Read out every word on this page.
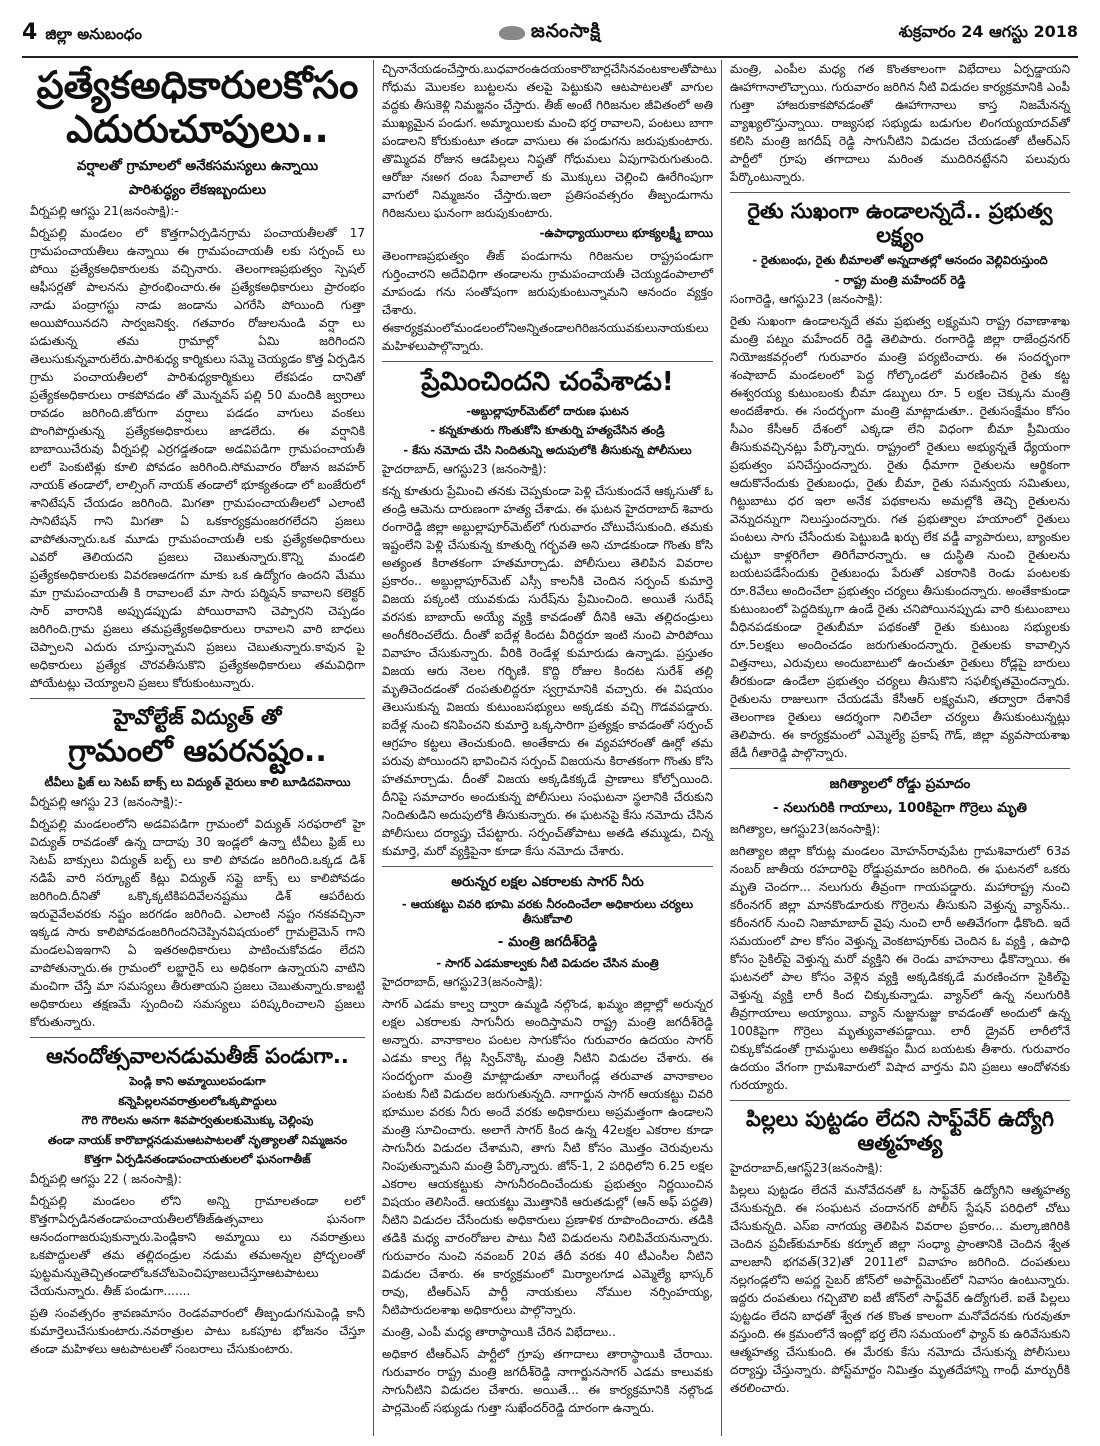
4 జిల్లా అనుబంధం	జనంసాక్షి	శుక్రవారం 24 ఆగస్టు 2018
ప్రత్యేకఅధికారులకోసం ఎదురుచూపులు..
వర్షాలతో గ్రామాలలో అనేకసమస్యలు ఉన్నాయి
పారిశుద్ధ్యం లేకఇబ్బందులు
వీర్నపల్లి ఆగస్టు 21(జనంసాక్షి):-

వీర్నపల్లి మండలం లో కొత్తగాఏర్పడినగ్రామ పంచాయతీలతో 17 గ్రామపంచాయతీలు ఉన్నాయి ఈ గ్రామపంచాయతీ లకు సర్పంచ్ లు పోయి ప్రత్యేకఅధికారులకు వచ్చినారు. తెలంగాణప్రభుత్వం స్పెషల్ ఆఫీసర్లతో పాలనను ప్రారంభించారు.ఈ ప్రత్యేకఅధికారులు ప్రారంభం నాడు పంద్రాగస్టు నాడు జండాను ఎగరేసి పోయింది గుత్తా అయిపోయినదని సార్వజనిక్వ. గతవారం రోజులనుండి వర్షా లు పడుతున్న తమ గ్రామాల్లో ఏమి జరిగిందని తెలుసుకున్నవారులేరు.పారిశుధ్య కార్మికులు సమ్మె చెయ్యడం కొత్త ఏర్పడిన గ్రామ పంచాయతీలలో పారిశుధ్యకార్మికులు లేకపడం దానితో ప్రత్యేకఅధికారులు రాకపోవడం తో మొన్నవస్ పల్లి 50 మందికి జ్వరాలు రావడం జరిగింది.జోరుగా వర్షాలు పడడం వాగులు వంకలు పొంగిపొర్లుతున్న ప్రత్యేకఅధికారులు జాడలేదు. ఈ వర్షానికి బాబాయిచేరువు వీర్నపల్లి ఎర్రగడ్డతండా అడవిపడిగా గ్రామపంచాయతీ లలో పెంకుటిళ్లు కూలి పోవడం జరిగింది.సోమవారం రోజున జవహర్ నాయక్ తండాలో, లాల్సింగ్ నాయక్ తండాలో భూక్యతండా లో బంజేరులో శానిటేషన్ చేయడం జరిగింది. మిగతా గ్రామపంచాయతీలలో ఎలాంటి సానిటేషన్ గాని మిగతా ఏ ఒకకార్యక్రమంజరగలేదని ప్రజలు వాపోతున్నారు.ఒక మూడు గ్రామపంచాయతీ లకు ప్రత్యేకఅధికారులు ఎవరో తెలియదని ప్రజలు చెబుతున్నారు.కొన్ని మండలి ప్రత్యేకఅధికారులకు వివరణఅడగగా మాకు ఒక ఉద్యోగం ఉందని మేము మా గ్రామపంచాయతీ కి రావాలంటే మా సారు పర్మిషన్ కావాలని కలెక్టర్ సార్ వారానికి అప్పుడప్పుడు పోయిరావాని చెప్పారని చెప్పడం జరిగింది.గ్రామ ప్రజలు తమప్రత్యేకఅధికారులు రావాలని వారి బాధలు చెప్పాలని ఎదురు చూస్తున్నామని ప్రజలు చెబుతున్నారు.కావున పై అధికారులు ప్రత్యేక చొరవతీసుకొని ప్రత్యేకఅధికారులు తమవిధిగా పోయేటట్లు చెయ్యాలని ప్రజలు కోరుకుంటున్నారు.

హైవోల్టేజ్ విద్యుత్ తో
గ్రామంలో ఆపరనష్టం..
టీవీలు ఫ్రిజ్ లు సెటప్ బాక్స్ లు విద్యుత్ వైరులు కాలి బూడిదవినాయి
వీర్నపల్లి ఆగస్టు 23 (జనంసాక్షి):-

వీర్నపల్లి మండలంలోని అడవిపడిగా గ్రామంలో విద్యుత్ సరఫరాలో హై విద్యుత్ రావడంతో ఉన్న దాదాపు 30 ఇండ్లలో ఉన్నా టీవీలు ఫ్రిజ్ లు సెటప్ బాక్సులు విద్యుత్ బల్బ్ లు కాలి పోవడం జరిగింది.ఒక్కడ డిశ్ నడిపే వారి సర్క్యూట్ కిట్లు విద్యుత్ సప్లై బాక్స్ లు కాలిపోవడం జరిగింది.దీనితో ఒక్కొక్కటికిపదివేలనష్టము డిశ్ ఆపరేటరు ఇరువైవేలవరకు నష్టం జరగడం జరిగింది. ఎలాంటి నష్టం గనకవచ్చినా ఇక్కడ సారు కాలిపోవడంజరిగిందనిచెప్పినవిషయంలో గ్రామలైమెన్ గాని మండలఏఇఇగాని ఏ ఇతరఅధికారులు పాటించుకోవడం లేదని వాపోతున్నారు.ఈ గ్రామంలో లబ్జారైన్ లు అధికంగా ఉన్నాయని వాటిని మంచిగా చేస్తే మా సమస్యలు తీరుతాయని ప్రజలు చెబుతున్నారు.కాబట్టి అధికారులు తక్షణమే స్పందించి సమస్యలు పరిష్కరించాలని ప్రజలు కోరుతున్నారు.

ఆనందోత్సవాలనడుమతీజ్ పండుగా..
పెండ్లి కాని అమ్మాయిలపండుగా
కన్నెపిల్లలనవరాత్రులలోఒక్కపొద్దులు
గౌరి గౌరిలను అనగా శివపార్వతులకుమొక్కు చెల్లింపు
తండా నాయక్ కారొబార్లనడుమఆటపాటలతో నృత్యాలతో నిమ్మజనం
కొత్తగా ఏర్పడినతండాపంచాయతులలో ఘనంగాతీజ్
వీర్నపల్లి ఆగస్టు 22 ( జనంసాక్షి):

వీర్నపల్లి మండలం లోని అన్ని గ్రామాలతండా లలో కొత్తగాఏర్పడినతండాపంచాయతీలలోతీజ్ఉత్సవాలు ఘనంగా ఆనందంగాజరుపుకున్నారు.పెండ్లికాని అమ్మాయి లు నవరాత్రులు ఒకపొద్దులతో తమ తల్లిదండ్రుల నడుమ తమఅన్నల ప్రోద్బలంతో పుట్టమన్నుతెచ్చితండాలోఒకచోటపెంచిపూజలుచేస్తూఆటపాటలు చేయనున్నారు. తీజ్ పండుగా.......

ప్రతి సంవత్సరం శ్రావణమాసం రెండవవారంలో తీజ్పండుగనుపెండ్లి కానీ కుమార్తెలుచేసుకుంటారు.నవరాత్రుల పాటు ఒకపూట భోజనం చేస్తూ తండా మహిళలు ఆటపాటలతో సంబరాలు చేసుకుంటారు.

చ్చినానేయడంచేస్తారు.బుధవారంఉదయంకారొబార్లచేసినవంటకాలతోపాటు గోధుమ మొలకల బుట్టలను తలపై పెట్టుకుని ఆటపాటలతో వాగుల వద్దకు తీసుకెళ్లి నిమజ్జనం చేస్తారు. తీజ్ అంటే గిరిజనుల జీవితంలో అతి ముఖ్యమైన పండుగ. అమ్మాయిలకు మంచి భర్త రావాలని, పంటలు బాగా పండాలని కోరుకుంటూ తండా వాసులు ఈ పండుగను జరుపుకుంటారు. తొమ్మిదవ రోజున ఆడపిల్లలు నిష్ఠతో గోధుమలు ఏపుగాపెరుగుతుంది. ఆరోజు నఃఅగ దంబ సేవాలాల్ కు మొక్కులు చెల్లించి ఊరేగింపుగా వాగులో నిమ్మజనం చేస్తారు.ఇలా ప్రతిసంవత్సరం తీజ్పండుగాను గిరిజనులు ఘనంగా జరుపుకుంటారు.

-ఉపాధ్యాయురాలు భూక్యలక్ష్మీ బాయి

తెలంగాణప్రభుత్వం తీజ్ పండుగాను గిరిజనుల రాష్ట్రపండుగా గుర్తించారని అదేవిధిగా తండాలను గ్రామపంచాయతీ చెయ్యడంపాలాలో మాపండు గను సంతోషంగా జరుపుకుంటున్నామని ఆనందం వ్యక్తం చేశారు. ఈకార్యక్రమంలోమండలంలోనిఅన్నితండాలగిరిజనయువకులునాయకులు మహిళలుపాల్గొన్నారు.

ప్రేమించిందని చంపేశాడు!
-అబ్దుల్లాపూర్‌మెట్‌లో దారుణ ఘటన
- కన్నకూతురు గొంతుకోసి కూతుర్ని హత్యచేసిన తండ్రి
- కేసు నమోదు చేసి నిందితున్ని అదుపులోకి తీసుకున్న పోలీసులు
హైదరాబాద్, ఆగస్టు23 (జనంసాక్షి):

కన్న కూతురు ప్రేమించి తనకు చెప్పకుండా పెళ్లి చేసుకుందనే ఆక్కసుతో ఓ తండ్రి ఆమెను దారుణంగా హత్య చేశాడు. ఈ ఘటన హైదరాబాద్ శివారు రంగారెడ్డి జిల్లా అబ్దుల్లాపూర్‌మెట్‌లో గురువారం చోటుచేసుకుంది. తమకు ఇష్టంలేని పెళ్లి చేసుకున్న కూతుర్ని గర్భవతి అని చూడకుండా గొంతు కోసి అత్యంత కిరాతకంగా హతమార్చాడు. పోలీసులు తెలిపిన వివరాల ప్రకారం.. అబ్దుల్లాపూర్‌మెట్ ఎస్సీ కాలనీకి చెందిన సర్పంచ్ కుమార్తె విజయ పక్కంటి యువకుడు సురేష్‌ను ప్రేమించింది. అయితే సురేష్ వరసకు బాబాయ్ అయ్యే వ్యక్తి కావడంతో దీనికి ఆమె తల్లిదండ్రులు అంగీకరించలేదు. దీంతో ఐదేళ్ల కిందట వీరిద్దరూ ఇంటి నుంచి పారిపోయి వివాహం చేసుకున్నారు. వీరికి రెండేళ్ల కుమారుడు ఉన్నాడు. ప్రస్తుతం విజయ ఆరు నెలల గర్భిణి. కొద్ది రోజుల కిందట సురేశ్ తల్లి మృతిచెందడంతో దంపతులిద్దరూ స్వగ్రామానికి వచ్చారు. ఈ విషయం తెలుసుకున్న విజయ కుటుంబసభ్యులు అక్కడకు వచ్చి గొడవపడ్డారు. ఐదేళ్ల నుంచి కనిపించని కుమార్తె ఒక్కసారిగా ప్రత్యక్షం కావడంతో సర్పంచ్ ఆగ్రహం కట్టలు తెంచుకుంది. అంతేకాదు ఈ వ్యవహారంతో ఊర్లో తమ పరువు పోయిందని భావించిన సర్పంచ్ విజయను కిరాతకంగా గొంతు కోసి హతమార్చాడు. దీంతో విజయ అక్కడికక్కడే ప్రాణాలు కోల్పోయింది. దీనిపై సమాచారం అందుకున్న పోలీసులు సంఘటనా స్థలానికి చేరుకుని నిందితుడిని అదుపులోకి తీసుకున్నారు. ఈ ఘటనపై కేసు నమోదు చేసిన పోలీసులు దర్యాప్తు చేపట్టారు. సర్పంచ్‌తోపాటు అతడి తమ్ముడు, చిన్న కుమార్తె, మరో వ్యక్తిపైనా కూడా కేసు నమోదు చేశారు.

అరున్నర లక్షల ఎకరాలకు సాగర్ నీరు
- ఆయకట్టు చివరి భూమి వరకు నీరందించేలా అధికారులు చర్యలు తీసుకోవాలి
- మంత్రి జగదీశ్‌రెడ్డి
- సాగర్ ఎడమకాల్వకు నీటి విడుదల చేసిన మంత్రి
హైదరాబాద్, ఆగస్టు23(జనంసాక్షి):

సాగర్ ఎడమ కాల్వ ద్వారా ఉమ్మడి నల్గొండ, ఖమ్మం జిల్లాల్లో అరున్నర లక్షల ఎకరాలకు సాగునీరు అందిస్తామని రాష్ట్ర మంత్రి జగదీశ్‌రెడ్డి అన్నారు. వానాకాలం పంటల సాగుకోసం గురువారం ఉదయం సాగర్ ఎడమ కాల్వ గేట్ల స్విచ్‌నొక్కి మంత్రి నీటిని విడుదల చేశారు. ఈ సందర్భంగా మంత్రి మాట్లాడుతూ నాలుగేండ్ల తరువాత వానాకాలం పంటకు నీటి విడుదల జరుగుతున్నది. నాగార్జున సాగర్ ఆయకట్టు చివరి భూముల వరకు నీరు అందే వరకు అధికారులు అప్రమత్తంగా ఉండాలని మంత్రి సూచించారు. అలాగే సాగర్ కింద ఉన్న 42లక్షల ఎకరాల కూడా సాగునీరు విడుదల చేశామని, తాగు నీటి కోసం మొత్తం చెరువులను నింపుతున్నామని మంత్రి పేర్కొన్నారు. జోన్-1, 2 పరిధిలోని 6.25 లక్షల ఎకరాల ఆయకట్టుకు సాగునీరందించేందుకు ప్రభుత్వం నిర్ణయించిన విషయం తెలిసిందే. ఆయకట్టు మొత్తానికి ఆరుతడుల్లో (ఆన్ అఫ్ పద్ధతి) నీటిని విడుదల చేసేందుకు అధికారులు ప్రణాళిక రూపొందించారు. తడికి తడికి మధ్య వారంరోజుల పాటు నీటి విడుదలను నిలిపివేయనున్నారు. గురువారం నుంచి నవంబర్ 20వ తేదీ వరకు 40 టీఎంసీల నీటిని విడుదల చేశారు. ఈ కార్యక్రమంలో మిర్యాలగూడ ఎమ్మెల్యే భాస్కర్ రావు, టీఆర్ఎస్ పార్టీ నాయకులు నోముల నర్సింహయ్య, నీటిపారుదలశాఖ అధికారులు పాల్గొన్నారు.

మంత్రి, ఎంపీ మధ్య తారాస్థాయికి చేరిన విభేదాలు..

అధికార టీఆర్ఎస్ పార్టీలో గ్రూపు తగాదాలు తారాస్థాయికి చేరాయి. గురువారం రాష్ట్ర మంత్రి జగదీశ్‌రెడ్డి నాగార్జునసాగర్ ఎడమ కాలువకు సాగునీటిని విడుదల చేశారు. అయితే... ఈ కార్యక్రమానికి నల్గొండ పార్లమెంట్ సభ్యుడు గుత్తా సుఖేందర్‌రెడ్డి దూరంగా ఉన్నారు.

మంత్రి, ఎంపీల మధ్య గత కొంతకాలంగా విభేదాలు ఏర్పడ్డాయని ఊహాగానాలొచ్చాయి. గురువారం జరిగిన నీటి విడుదల కార్యక్రమానికి ఎంపీ గుత్తా హాజరుకాకపోవడంతో ఊహాగానాలు కాస్త నిజమేనన్న వ్యాఖ్యలొస్తున్నాయి. రాజ్యసభ సభ్యుడు బడుగుల లింగయ్యయాదవ్‌తో కలిసి మంత్రి జగదీష్ రెడ్డి సాగునీటిని విడుదల చేయడంతో టీఆర్ఎస్ పార్టీలో గ్రూపు తగాదాలు మరింత ముదిరినట్టేనని పలువురు పేర్కొంటున్నారు.

రైతు సుఖంగా ఉండాలన్నదే.. ప్రభుత్వ లక్ష్యం
- రైతుబంధు, రైతు బీమాలతో అన్నదాతల్లో ఆనందం వెల్లివిరుస్తుంది
- రాష్ట్ర మంత్రి మహేందర్ రెడ్డి
సంగారెడ్డి, ఆగస్టు23 (జనంసాక్షి):

రైతు సుఖంగా ఉండాలన్నదే తమ ప్రభుత్వ లక్ష్యమని రాష్ట్ర రవాణాశాఖ మంత్రి పట్నం మహేందర్ రెడ్డి తెలిపారు. రంగారెడ్డి జిల్లా రాజేంద్రనగర్ నియోజకవర్గంలో గురువారం మంత్రి పర్యటించారు. ఈ సందర్భంగా శంషాబాద్ మండలంలో పెద్ద గోల్కొండలో మరణించిన రైతు కట్ట ఈశ్వరయ్య కుటుంబంకు బీమా డబ్బులు రూ. 5 లక్షల చెక్కును మంత్రి అందజేశారు. ఈ సందర్భంగా మంత్రి మాట్లాడుతూ.. రైతుసంక్షేమం కోసం సీఎం కేసీఆర్ దేశంలో ఎక్కడా లేని విధంగా బీమా ప్రీమియం తీసుకువచ్చినట్లు పేర్కొన్నారు. రాష్ట్రంలో రైతులు అభ్యున్నతే ధ్యేయంగా ప్రభుత్వం పనిచేస్తుందన్నారు. రైతు ధీమాగా రైతులను ఆర్థికంగా ఆదుకొనేందుకు రైతుబంధు, రైతు బీమా, రైతు సమన్వయ సమితులు, గిట్టుబాటు ధర ఇలా అనేక పథకాలను అమల్లోకి తెచ్చి రైతులను వెన్నుదన్నుగా నిలుస్తుందన్నారు. గత ప్రభుత్వాల హయాంలో రైతులు పంటలు సాగు చేసేందుకు పెట్టుబడి ఖర్చు లేక వడ్డీ వ్యాపారులు, బ్యాంకుల చుట్టూ కాళ్లరిగేలా తిరిగేవారన్నారు. ఆ దుస్థితి నుంచి రైతులను బయటపడేసేందుకు రైతుబంధు పేరుతో ఎకరానికి రెండు పంటలకు రూ.8వేలు అందించేలా ప్రభుత్వం చర్యలు తీసుకుందన్నారు. అంతేకాకుండా కుటుంబంలో పెద్దదిక్కుగా ఉండే రైతు చనిపోయినప్పుడు వారి కుటుంబాలు వీధినపడకుండా రైతుబీమా పథకంతో రైతు కుటుంబ సభ్యులకు రూ.5లక్షలు అందించడం జరుగుతుందన్నారు. రైతులకు కావాల్సిన విత్తనాలు, ఎరువులు అందుబాటులో ఉంచుతూ రైతులు రోడ్లపై బారులు తీరకుండా ఉండేలా ప్రభుత్వం చర్యలు తీసుకొని సఫలీకృతమైందన్నారు. రైతులను రాజులుగా చేయడమే కేసీఆర్ లక్ష్యమని, తద్వారా దేశానికే తెలంగాణ రైతులు ఆదర్శంగా నిలిచేలా చర్యలు తీసుకుంటున్నట్లు తెలిపారు. ఈ కార్యక్రమంలో ఎమ్మెల్యే ప్రకాష్ గౌడ్, జిల్లా వ్యవసాయశాఖ జేడీ గీతారెడ్డి పాల్గొన్నారు.

జగిత్యాలలో రోడ్డు ప్రమాదం
- నలుగురికి గాయాలు, 100కిపైగా గొర్రెలు మృతి
జగిత్యాల, ఆగస్టు23(జనంసాక్షి):

జగిత్యాల జిల్లా కోరుట్ల మండలం మోహన్‌రావుపేట గ్రామశివారులో 63వ నంబర్ జాతీయ రహదారిపై రోడ్డుప్రమాదం జరిగింది. ఈ ఘటనలో ఒకరు మృతి చెందగా... నలుగురు తీవ్రంగా గాయపడ్డారు. మహారాష్ట్ర నుంచి కరీంనగర్ జిల్లా మానకొండూరుకు గొర్రెలను తీసుకుని వెళ్తున్న వ్యాన్‌ను.. కరీంనగర్ నుంచి నిజామాబాద్ వైపు నుంచి లారీ అతివేగంగా ఢీకొంది. ఇదే సమయంలో పాల కోసం వెళ్తున్న వెంకటాపూర్‌కు చెందిన ఓ వ్యక్తి , ఉపాధి కోసం సైకిల్‌పై వెళ్తున్న మరో వ్యక్తిని ఈ రెండు వాహనాలు ఢీకొన్నాయి. ఈ ఘటనలో పాల కోసం వెళ్లిన వ్యక్తి అక్కడికక్కడే మరణించగా సైకిల్‌పై వెళ్తున్న వ్యక్తి లారీ కింద చిక్కుకున్నాడు. వ్యాన్‌లో ఉన్న నలుగురికి తీవ్రగాయాలు అయ్యాయి. వ్యాన్ నుజ్జునుజ్జు కావడంతో అందులో ఉన్న 100కిపైగా గొర్రెలు మృత్యువాతపడ్డాయి. లారీ డ్రైవర్ లారీలోనే చిక్కుకోవడంతో గ్రామస్థులు అతికష్టం మీద బయటకు తీశారు. గురువారం ఉదయం వేగంగా గ్రామశివారులో విషాద వార్తను విని ప్రజలు ఆందోళనకు గురయ్యారు.

పిల్లలు పుట్టడం లేదని సాఫ్ట్‌వేర్ ఉద్యోగి ఆత్మహత్య
హైదరాబాద్,ఆగస్ట్23(జనంసాక్షి):

పిల్లలు పుట్టడం లేదనే మనోవేదనతో ఓ సాఫ్ట్‌వేర్ ఉద్యోగిని ఆత్మహత్య చేసుకున్నది. ఈ సంఘటన చందానగర్ పోలీస్ స్టేషన్ పరిధిలో చోటు చేసుకున్నది. ఎస్ఐ నాగయ్య తెలిపిన వివరాల ప్రకారం... మల్కాజిగిరికి చెందిన ప్రవీణ్‌కుమార్‌కు కర్నూల్ జిల్లా సంధ్యా ప్రాంతానికి చెందిన శ్వేత వాలజానీ భగవత్(32)తో 2011లో వివాహం జరిగింది. దంపతులు నల్లగండ్లలోని అపర్ణ సైబర్ జోన్‌లో అపార్ట్‌మెంట్‌లో నివాసం ఉంటున్నారు. ఇద్దరు దంపతులు గచ్చిబౌలి ఐటీ జోన్‌లో సాఫ్ట్‌వేర్ ఉద్యోగులే. ఐతే పిల్లలు పుట్టడం లేదని బాధతో శ్వేత గత కొంత కాలంగా మనోవేదనకు గురవుతూ వస్తుంది. ఈ క్రమంలోనే ఇంట్లో భర్త లేని సమయంలో ఫ్యాన్ కు ఉరివేసుకుని ఆత్మహత్య చేసుకుంది. ఈ మేరకు కేసు నమోదు చేసుకున్న పోలీసులు దర్యాప్తు చేస్తున్నారు. పోస్ట్‌మార్టం నిమిత్తం మృతదేహాన్ని గాంధీ మార్చురీకి తరలించారు.
